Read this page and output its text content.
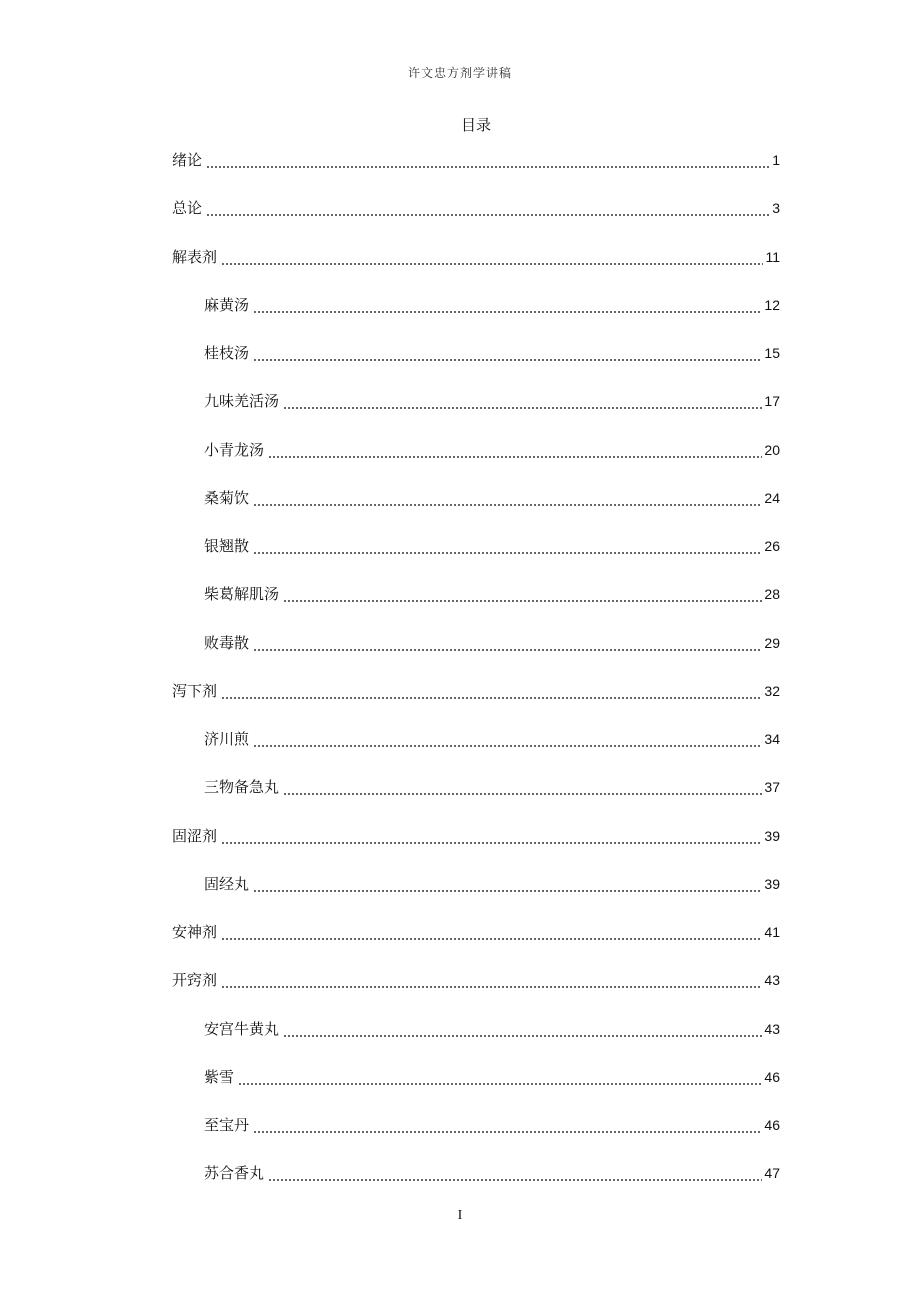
许文忠方剂学讲稿
目录
绪论	1
总论	3
解表剂	11
麻黄汤	12
桂枝汤	15
九味羌活汤	17
小青龙汤	20
桑菊饮	24
银翘散	26
柴葛解肌汤	28
败毒散	29
泻下剂	32
济川煎	34
三物备急丸	37
固涩剂	39
固经丸	39
安神剂	41
开窍剂	43
安宫牛黄丸	43
紫雪	46
至宝丹	46
苏合香丸	47
I
